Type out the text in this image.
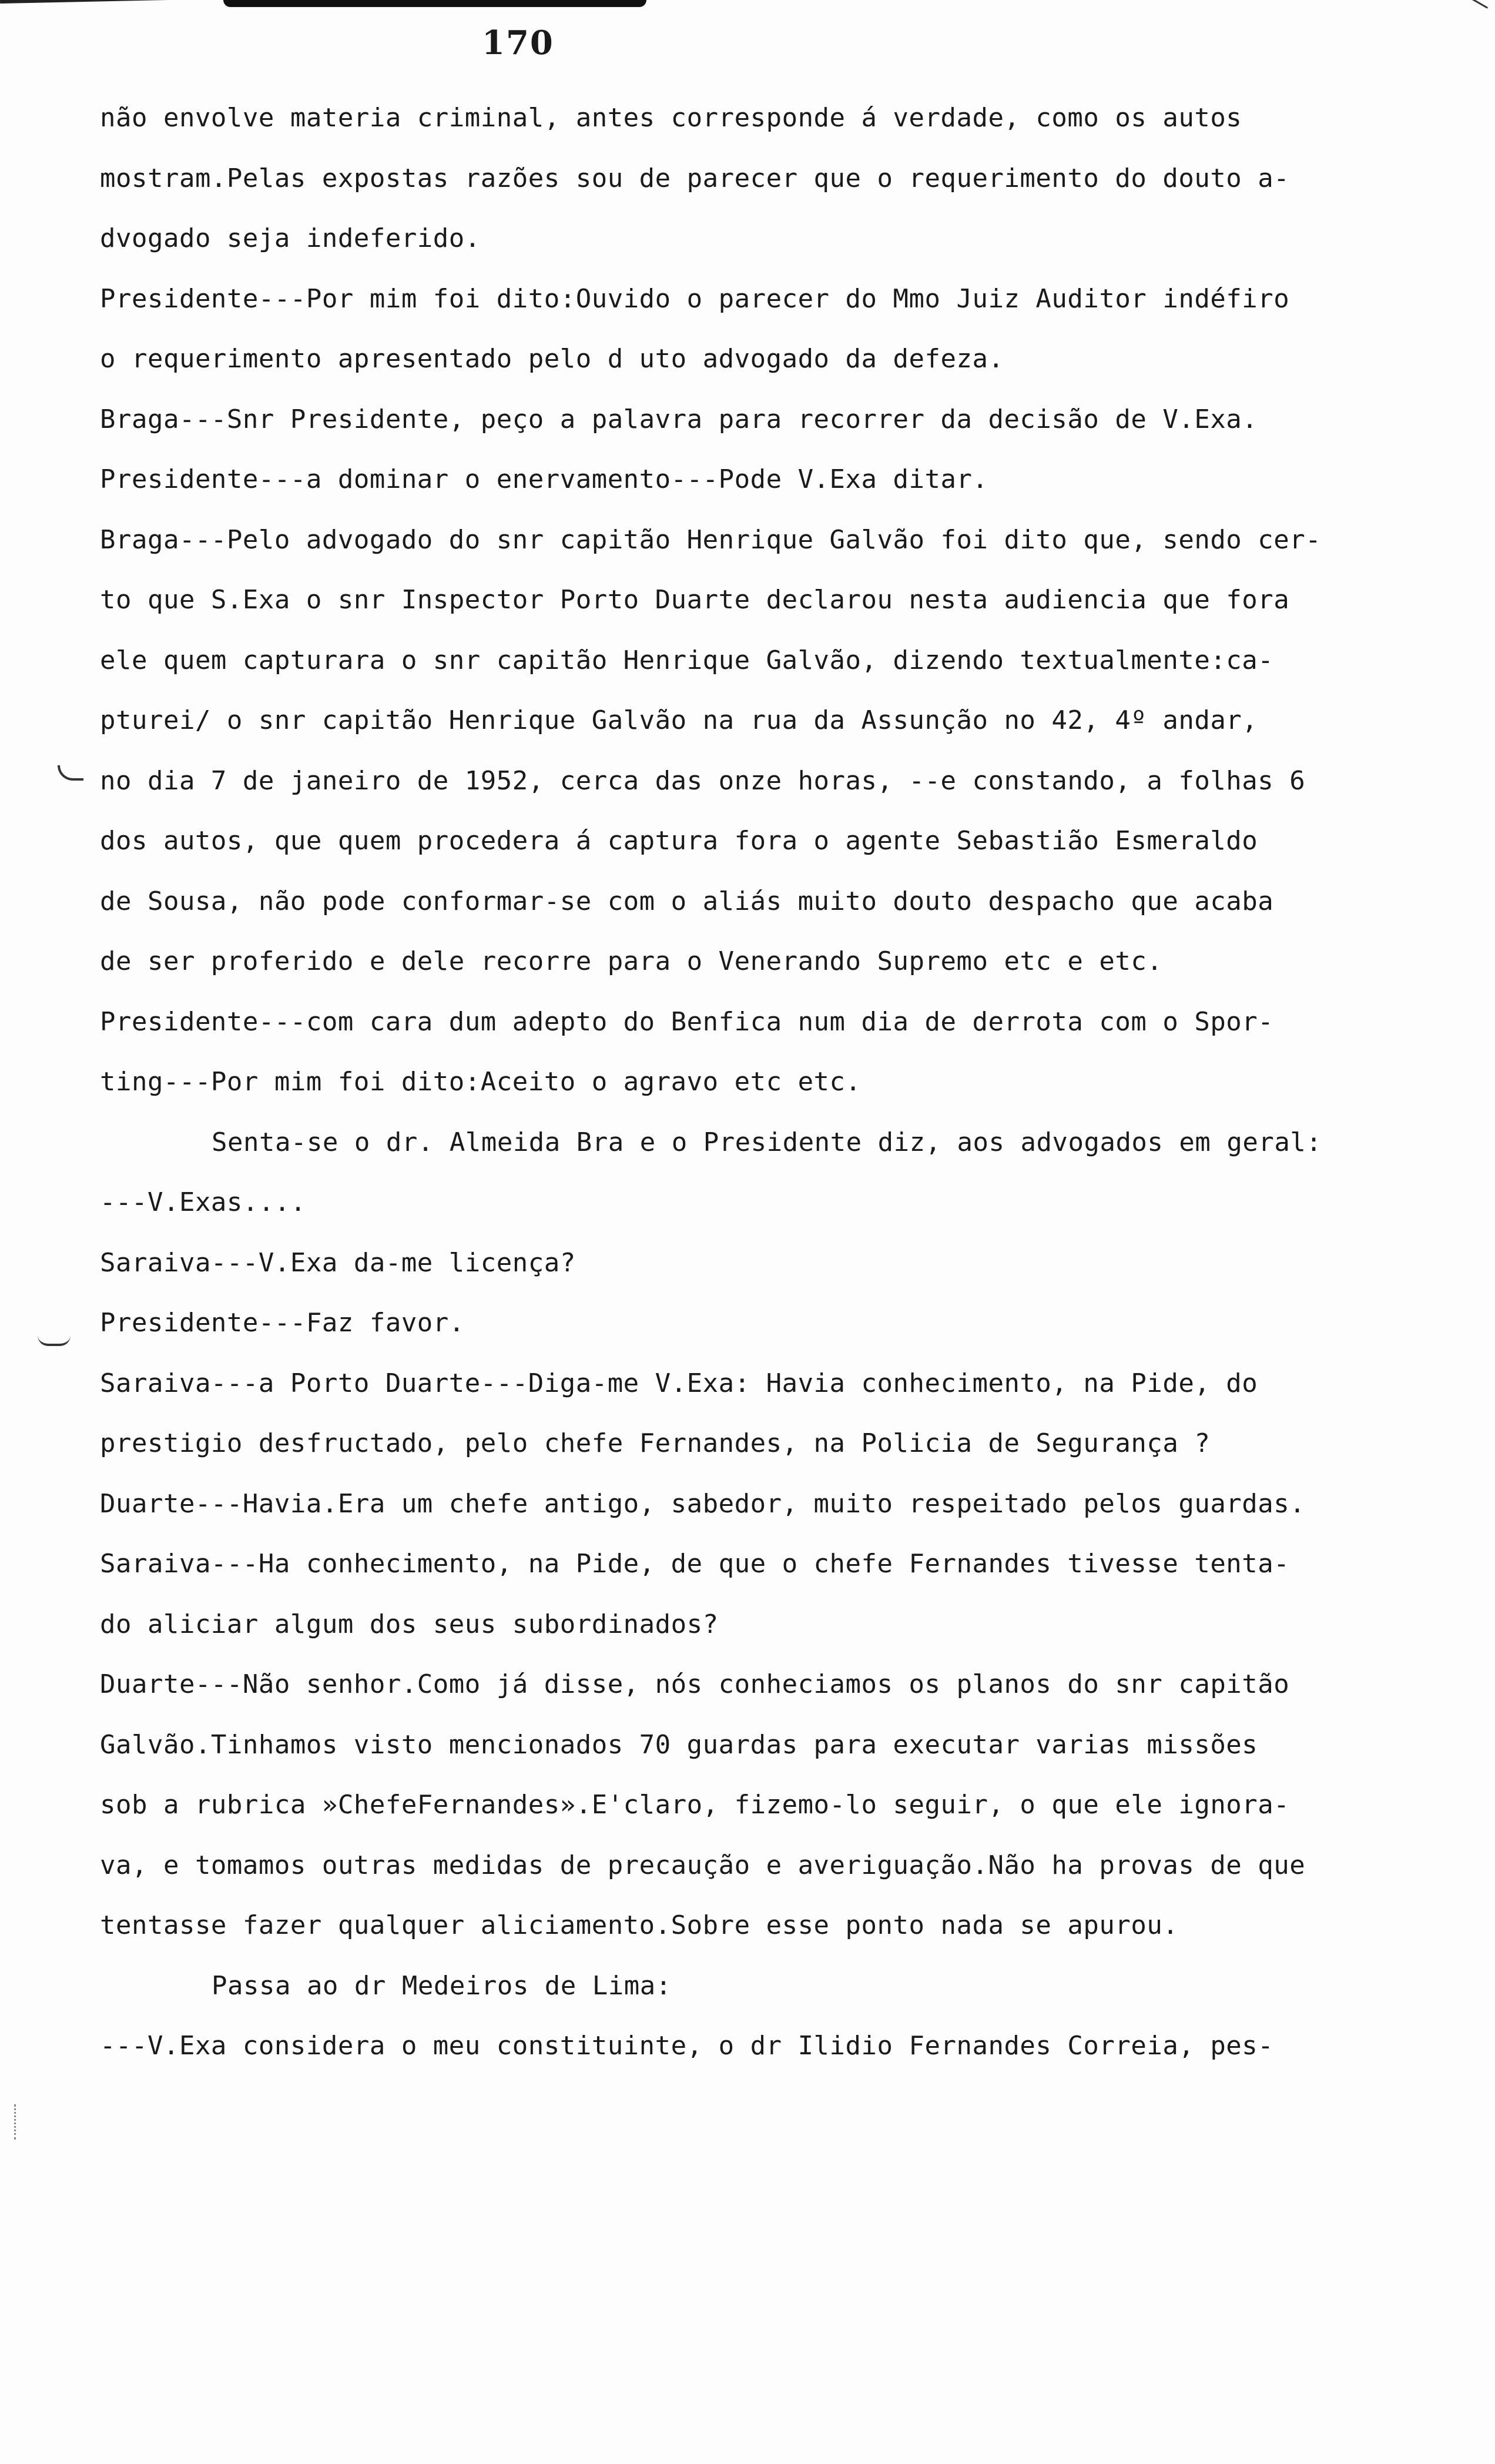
170
não envolve materia criminal, antes corresponde á verdade, como os autos
mostram.Pelas expostas razões sou de parecer que o requerimento do douto a-
dvogado seja indeferido.
Presidente---Por mim foi dito:Ouvido o parecer do Mmo Juiz Auditor indéfiro
o requerimento apresentado pelo d uto advogado da defeza.
Braga---Snr Presidente, peço a palavra para recorrer da decisão de V.Exa.
Presidente---a dominar o enervamento---Pode V.Exa ditar.
Braga---Pelo advogado do snr capitão Henrique Galvão foi dito que, sendo cer-
to que S.Exa o snr Inspector Porto Duarte declarou nesta audiencia que fora
ele quem capturara o snr capitão Henrique Galvão, dizendo textualmente:ca-
pturei/ o snr capitão Henrique Galvão na rua da Assunção no 42, 4º andar,
no dia 7 de janeiro de 1952, cerca das onze horas, --e constando, a folhas 6
dos autos, que quem procedera á captura fora o agente Sebastião Esmeraldo
de Sousa, não pode conformar-se com o aliás muito douto despacho que acaba
de ser proferido e dele recorre para o Venerando Supremo etc e etc.
Presidente---com cara dum adepto do Benfica num dia de derrota com o Spor-
ting---Por mim foi dito:Aceito o agravo etc etc.
Senta-se o dr. Almeida Bra e o Presidente diz, aos advogados em geral:
---V.Exas....
Saraiva---V.Exa da-me licença?
Presidente---Faz favor.
Saraiva---a Porto Duarte---Diga-me V.Exa: Havia conhecimento, na Pide, do
prestigio desfructado, pelo chefe Fernandes, na Policia de Segurança ?
Duarte---Havia.Era um chefe antigo, sabedor, muito respeitado pelos guardas.
Saraiva---Ha conhecimento, na Pide, de que o chefe Fernandes tivesse tenta-
do aliciar algum dos seus subordinados?
Duarte---Não senhor.Como já disse, nós conheciamos os planos do snr capitão
Galvão.Tinhamos visto mencionados 70 guardas para executar varias missões
sob a rubrica »ChefeFernandes».E'claro, fizemo-lo seguir, o que ele ignora-
va, e tomamos outras medidas de precaução e averiguação.Não ha provas de que
tentasse fazer qualquer aliciamento.Sobre esse ponto nada se apurou.
Passa ao dr Medeiros de Lima:
---V.Exa considera o meu constituinte, o dr Ilidio Fernandes Correia, pes-
